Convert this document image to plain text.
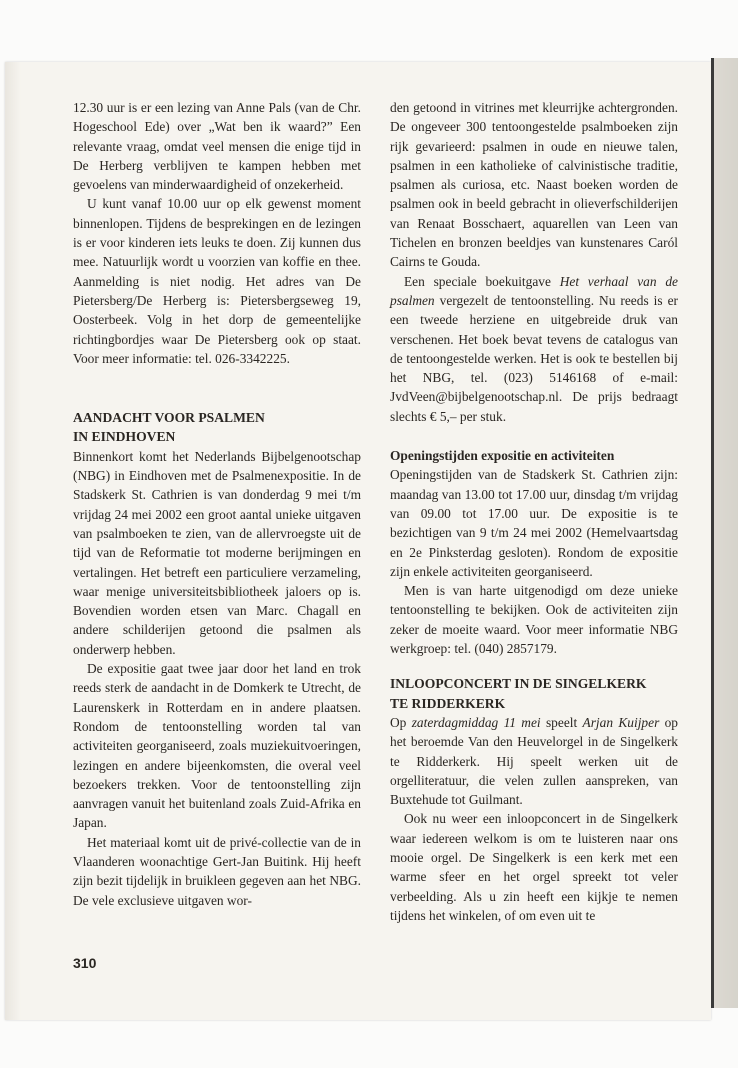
12.30 uur is er een lezing van Anne Pals (van de Chr. Hogeschool Ede) over „Wat ben ik waard?” Een relevante vraag, omdat veel mensen die enige tijd in De Herberg verblijven te kampen hebben met gevoelens van minderwaardigheid of onzekerheid.

U kunt vanaf 10.00 uur op elk gewenst moment binnenlopen. Tijdens de besprekingen en de lezingen is er voor kinderen iets leuks te doen. Zij kunnen dus mee. Natuurlijk wordt u voorzien van koffie en thee. Aanmelding is niet nodig. Het adres van De Pietersberg/De Herberg is: Pietersbergseweg 19, Oosterbeek. Volg in het dorp de gemeentelijke richtingbordjes waar De Pietersberg ook op staat. Voor meer informatie: tel. 026-3342225.

AANDACHT VOOR PSALMEN
IN EINDHOVEN

Binnenkort komt het Nederlands Bijbelgenootschap (NBG) in Eindhoven met de Psalmenexpositie. In de Stadskerk St. Cathrien is van donderdag 9 mei t/m vrijdag 24 mei 2002 een groot aantal unieke uitgaven van psalmboeken te zien, van de allervroegste uit de tijd van de Reformatie tot moderne berijmingen en vertalingen. Het betreft een particuliere verzameling, waar menige universiteitsbibliotheek jaloers op is. Bovendien worden etsen van Marc. Chagall en andere schilderijen getoond die psalmen als onderwerp hebben.

De expositie gaat twee jaar door het land en trok reeds sterk de aandacht in de Domkerk te Utrecht, de Laurenskerk in Rotterdam en in andere plaatsen. Rondom de tentoonstelling worden tal van activiteiten georganiseerd, zoals muziekuitvoeringen, lezingen en andere bijeenkomsten, die overal veel bezoekers trekken. Voor de tentoonstelling zijn aanvragen vanuit het buitenland zoals Zuid-Afrika en Japan.

Het materiaal komt uit de privé-collectie van de in Vlaanderen woonachtige Gert-Jan Buitink. Hij heeft zijn bezit tijdelijk in bruikleen gegeven aan het NBG. De vele exclusieve uitgaven wor-

den getoond in vitrines met kleurrijke achtergronden. De ongeveer 300 tentoongestelde psalmboeken zijn rijk gevarieerd: psalmen in oude en nieuwe talen, psalmen in een katholieke of calvinistische traditie, psalmen als curiosa, etc. Naast boeken worden de psalmen ook in beeld gebracht in olieverfschilderijen van Renaat Bosschaert, aquarellen van Leen van Tichelen en bronzen beeldjes van kunstenares Caról Cairns te Gouda.

Een speciale boekuitgave Het verhaal van de psalmen vergezelt de tentoonstelling. Nu reeds is er een tweede herziene en uitgebreide druk van verschenen. Het boek bevat tevens de catalogus van de tentoongestelde werken. Het is ook te bestellen bij het NBG, tel. (023) 5146168 of e-mail: JvdVeen@bijbelgenootschap.nl. De prijs bedraagt slechts € 5,– per stuk.

Openingstijden expositie en activiteiten

Openingstijden van de Stadskerk St. Cathrien zijn: maandag van 13.00 tot 17.00 uur, dinsdag t/m vrijdag van 09.00 tot 17.00 uur. De expositie is te bezichtigen van 9 t/m 24 mei 2002 (Hemelvaartsdag en 2e Pinksterdag gesloten). Rondom de expositie zijn enkele activiteiten georganiseerd.

Men is van harte uitgenodigd om deze unieke tentoonstelling te bekijken. Ook de activiteiten zijn zeker de moeite waard. Voor meer informatie NBG werkgroep: tel. (040) 2857179.

INLOOPCONCERT IN DE SINGELKERK
TE RIDDERKERK

Op zaterdagmiddag 11 mei speelt Arjan Kuijper op het beroemde Van den Heuvelorgel in de Singelkerk te Ridderkerk. Hij speelt werken uit de orgelliteratuur, die velen zullen aanspreken, van Buxtehude tot Guilmant.

Ook nu weer een inloopconcert in de Singelkerk waar iedereen welkom is om te luisteren naar ons mooie orgel. De Singelkerk is een kerk met een warme sfeer en het orgel spreekt tot veler verbeelding. Als u zin heeft een kijkje te nemen tijdens het winkelen, of om even uit te

310
